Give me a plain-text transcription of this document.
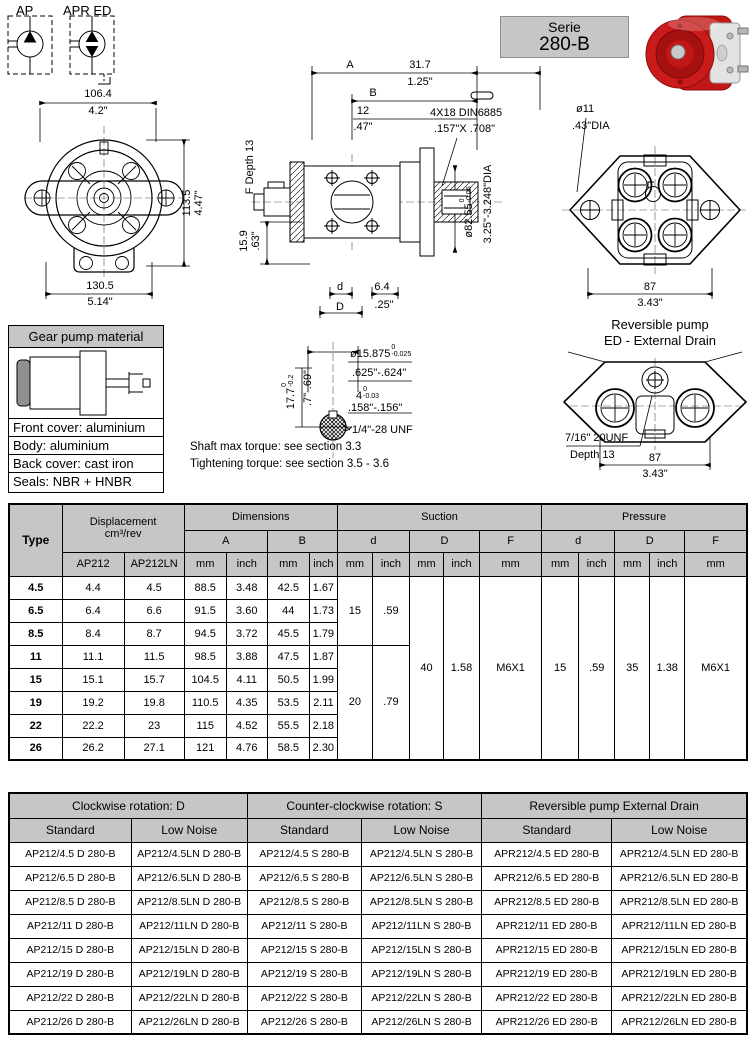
AP APR ED
106.4
4.2"
113.5 4.47"
130.5
5.14"
A	31.7
1.25"
B
12
.47"
F Depth 13
15.9 .63"
4X18 DIN6885
.157"X .708"
ø82.55
0 -0.06 3.25"-3.248"DIA
d
D
6.4
.25"
Serie
280-B
ø11
.43"DIA
87
3.43"
Gear pump material
Front cover: aluminium
Body: aluminium
Back cover: cast iron
Seals: NBR + HNBR
ø15.875
0
-0.025
.625"-.624"
4
0
-0.03
.158"-.156"
17.7
0 -0.2 .7"-.69"
1/4"-28 UNF
Shaft max torque: see section 3.3
Tightening torque: see section 3.5 - 3.6
Reversible pump
ED - External Drain
7/16" 20UNF
Depth 13	87
3.43"
Type	Displacement
cm³/rev		Dimensions				Suction					Pressure				
			A		B		d		D		F	d		D		F
	AP212	AP212LN	mm	inch	mm	inch	mm	inch	mm	inch	mm	mm	inch	mm	inch	mm
4.5	4.4	4.5	88.5	3.48	42.5	1.67	15	.59	40	1.58	M6X1	15	.59	35	1.38	M6X1
6.5	6.4	6.6	91.5	3.60	44	1.73										
8.5	8.4	8.7	94.5	3.72	45.5	1.79										
11	11.1	11.5	98.5	3.88	47.5	1.87	20	.79								
15	15.1	15.7	104.5	4.11	50.5	1.99										
19	19.2	19.8	110.5	4.35	53.5	2.11										
22	22.2	23	115	4.52	55.5	2.18										
26	26.2	27.1	121	4.76	58.5	2.30										
Clockwise rotation: D		Counter-clockwise rotation: S		Reversible pump External Drain	
Standard	Low Noise	Standard	Low Noise	Standard	Low Noise
AP212/4.5 D 280-B	AP212/4.5LN D 280-B	AP212/4.5 S 280-B	AP212/4.5LN S 280-B	APR212/4.5 ED 280-B	APR212/4.5LN ED 280-B
AP212/6.5 D 280-B	AP212/6.5LN D 280-B	AP212/6.5 S 280-B	AP212/6.5LN S 280-B	APR212/6.5 ED 280-B	APR212/6.5LN ED 280-B
AP212/8.5 D 280-B	AP212/8.5LN D 280-B	AP212/8.5 S 280-B	AP212/8.5LN S 280-B	APR212/8.5 ED 280-B	APR212/8.5LN ED 280-B
AP212/11 D 280-B	AP212/11LN D 280-B	AP212/11 S 280-B	AP212/11LN S 280-B	APR212/11 ED 280-B	APR212/11LN ED 280-B
AP212/15 D 280-B	AP212/15LN D 280-B	AP212/15 S 280-B	AP212/15LN S 280-B	APR212/15 ED 280-B	APR212/15LN ED 280-B
AP212/19 D 280-B	AP212/19LN D 280-B	AP212/19 S 280-B	AP212/19LN S 280-B	APR212/19 ED 280-B	APR212/19LN ED 280-B
AP212/22 D 280-B	AP212/22LN D 280-B	AP212/22 S 280-B	AP212/22LN S 280-B	APR212/22 ED 280-B	APR212/22LN ED 280-B
AP212/26 D 280-B	AP212/26LN D 280-B	AP212/26 S 280-B	AP212/26LN S 280-B	APR212/26 ED 280-B	APR212/26LN ED 280-B
